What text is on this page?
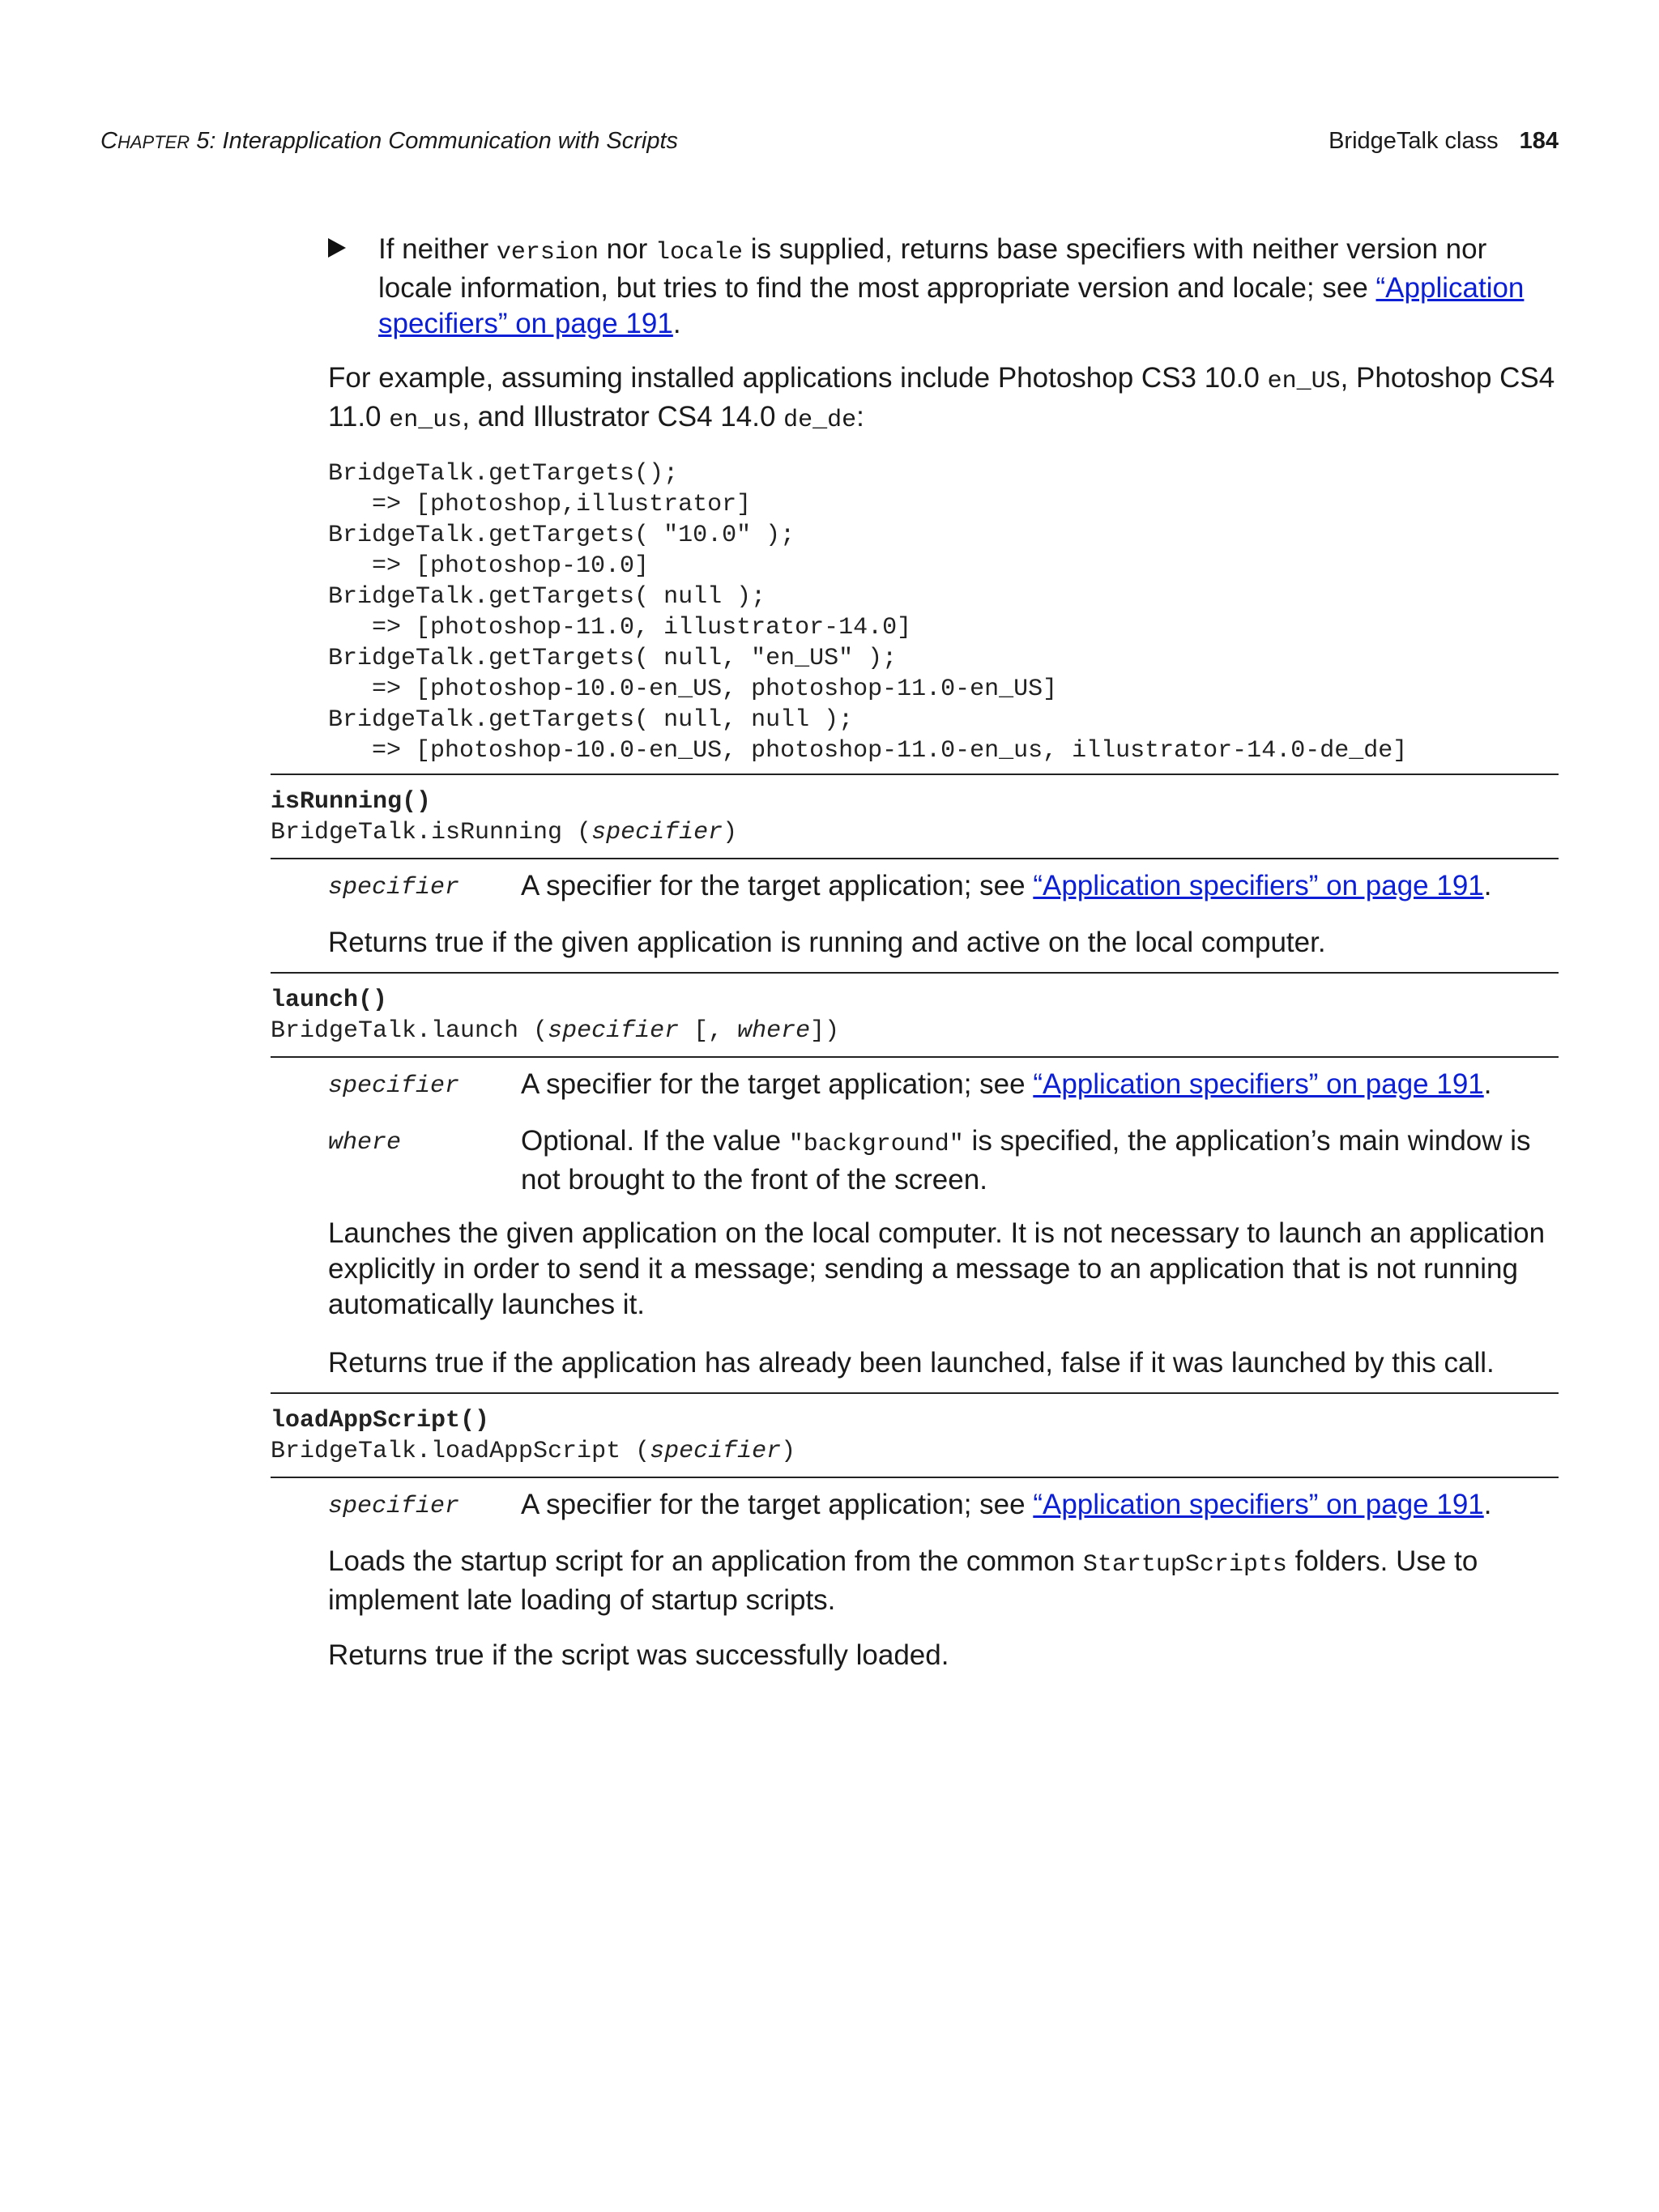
CHAPTER 5: Interapplication Communication with Scripts	BridgeTalk class 184
If neither version nor locale is supplied, returns base specifiers with neither version nor locale information, but tries to find the most appropriate version and locale; see “Application specifiers” on page 191.
For example, assuming installed applications include Photoshop CS3 10.0 en_US, Photoshop CS4 11.0 en_us, and Illustrator CS4 14.0 de_de:
BridgeTalk.getTargets();
=> [photoshop,illustrator]
BridgeTalk.getTargets( "10.0" );
=> [photoshop-10.0]
BridgeTalk.getTargets( null );
=> [photoshop-11.0, illustrator-14.0]
BridgeTalk.getTargets( null, "en_US" );
=> [photoshop-10.0-en_US, photoshop-11.0-en_US]
BridgeTalk.getTargets( null, null );
=> [photoshop-10.0-en_US, photoshop-11.0-en_us, illustrator-14.0-de_de]
isRunning()
BridgeTalk.isRunning (specifier)
specifier A specifier for the target application; see “Application specifiers” on page 191.
Returns true if the given application is running and active on the local computer.
launch()
BridgeTalk.launch (specifier [, where])
specifier A specifier for the target application; see “Application specifiers” on page 191.
where	Optional. If the value "background" is specified, the application’s main window is not brought to the front of the screen.
Launches the given application on the local computer. It is not necessary to launch an application explicitly in order to send it a message; sending a message to an application that is not running automatically launches it.
Returns true if the application has already been launched, false if it was launched by this call.
loadAppScript()
BridgeTalk.loadAppScript (specifier)
specifier A specifier for the target application; see “Application specifiers” on page 191.
Loads the startup script for an application from the common StartupScripts folders. Use to implement late loading of startup scripts.
Returns true if the script was successfully loaded.
